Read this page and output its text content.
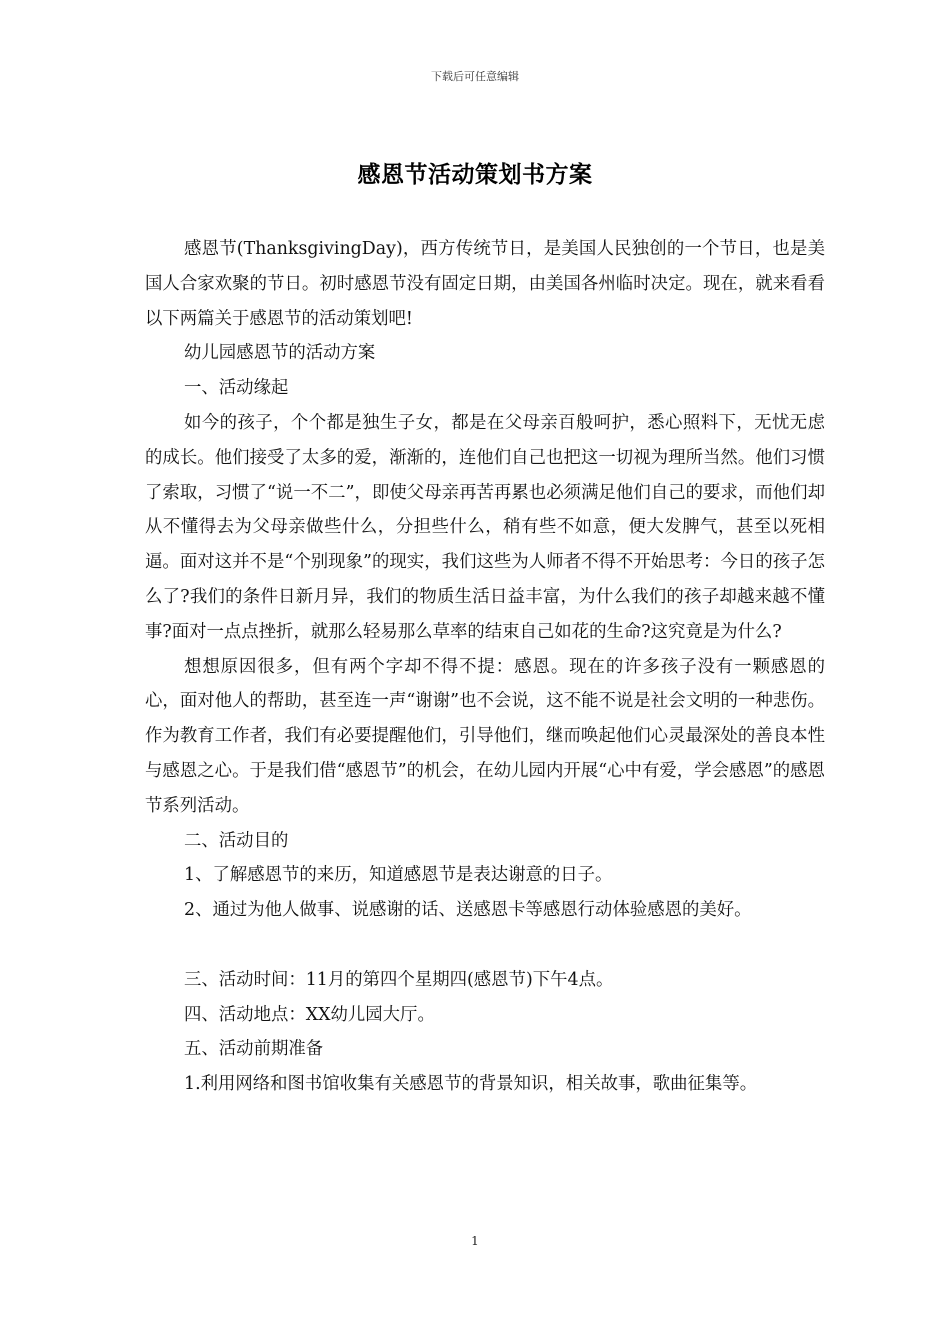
下载后可任意编辑
感恩节活动策划书方案

感恩节(ThanksgivingDay)，西方传统节日，是美国人民独创的一个节日，也是美国人合家欢聚的节日。初时感恩节没有固定日期，由美国各州临时决定。现在，就来看看以下两篇关于感恩节的活动策划吧!

幼儿园感恩节的活动方案

一、活动缘起

如今的孩子，个个都是独生子女，都是在父母亲百般呵护，悉心照料下，无忧无虑的成长。他们接受了太多的爱，渐渐的，连他们自己也把这一切视为理所当然。他们习惯了索取，习惯了“说一不二”，即使父母亲再苦再累也必须满足他们自己的要求，而他们却从不懂得去为父母亲做些什么，分担些什么，稍有些不如意，便大发脾气，甚至以死相逼。面对这并不是“个别现象”的现实，我们这些为人师者不得不开始思考：今日的孩子怎么了?我们的条件日新月异，我们的物质生活日益丰富，为什么我们的孩子却越来越不懂事?面对一点点挫折，就那么轻易那么草率的结束自己如花的生命?这究竟是为什么?

想想原因很多，但有两个字却不得不提：感恩。现在的许多孩子没有一颗感恩的心，面对他人的帮助，甚至连一声“谢谢”也不会说，这不能不说是社会文明的一种悲伤。作为教育工作者，我们有必要提醒他们，引导他们，继而唤起他们心灵最深处的善良本性与感恩之心。于是我们借“感恩节”的机会，在幼儿园内开展“心中有爱，学会感恩”的感恩节系列活动。

二、活动目的

1、了解感恩节的来历，知道感恩节是表达谢意的日子。

2、通过为他人做事、说感谢的话、送感恩卡等感恩行动体验感恩的美好。

三、活动时间：11月的第四个星期四(感恩节)下午4点。

四、活动地点：XX幼儿园大厅。

五、活动前期准备

1.利用网络和图书馆收集有关感恩节的背景知识，相关故事，歌曲征集等。

1
